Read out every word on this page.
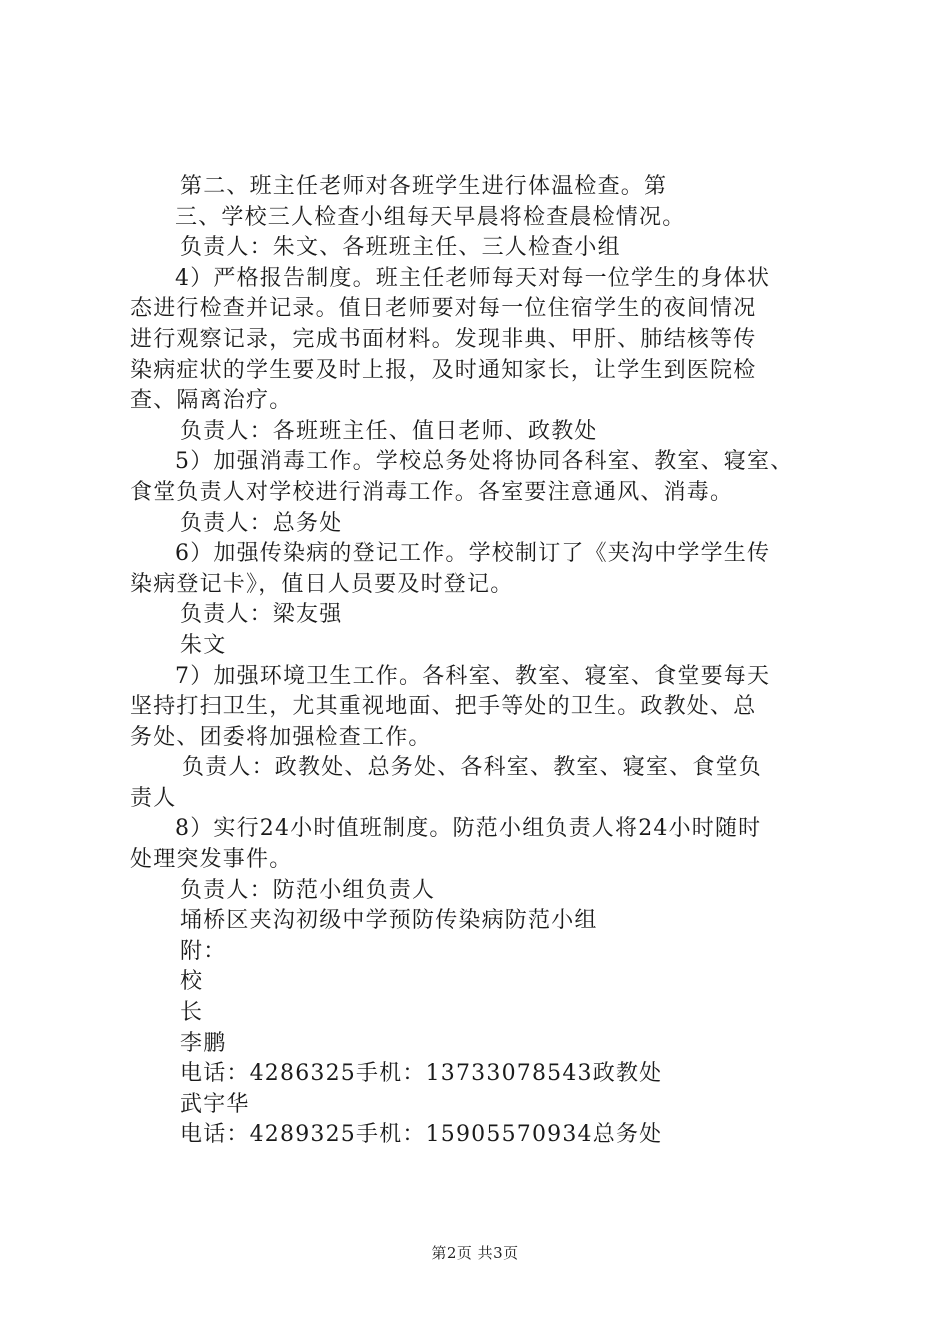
第二、班主任老师对各班学生进行体温检查。第
三、学校三人检查小组每天早晨将检查晨检情况。
负责人：朱文、各班班主任、三人检查小组
4）严格报告制度。班主任老师每天对每一位学生的身体状
态进行检查并记录。值日老师要对每一位住宿学生的夜间情况
进行观察记录，完成书面材料。发现非典、甲肝、肺结核等传
染病症状的学生要及时上报，及时通知家长，让学生到医院检
查、隔离治疗。
负责人：各班班主任、值日老师、政教处
5）加强消毒工作。学校总务处将协同各科室、教室、寝室、
食堂负责人对学校进行消毒工作。各室要注意通风、消毒。
负责人：总务处
6）加强传染病的登记工作。学校制订了《夹沟中学学生传
染病登记卡》，值日人员要及时登记。
负责人：梁友强
朱文
7）加强环境卫生工作。各科室、教室、寝室、食堂要每天
坚持打扫卫生，尤其重视地面、把手等处的卫生。政教处、总
务处、团委将加强检查工作。
负责人：政教处、总务处、各科室、教室、寝室、食堂负
责人
8）实行24小时值班制度。防范小组负责人将24小时随时
处理突发事件。
负责人：防范小组负责人
埇桥区夹沟初级中学预防传染病防范小组
附：
校
长
李鹏
电话：4286325手机：13733078543政教处
武宇华
电话：4289325手机：15905570934总务处
第2页 共3页
